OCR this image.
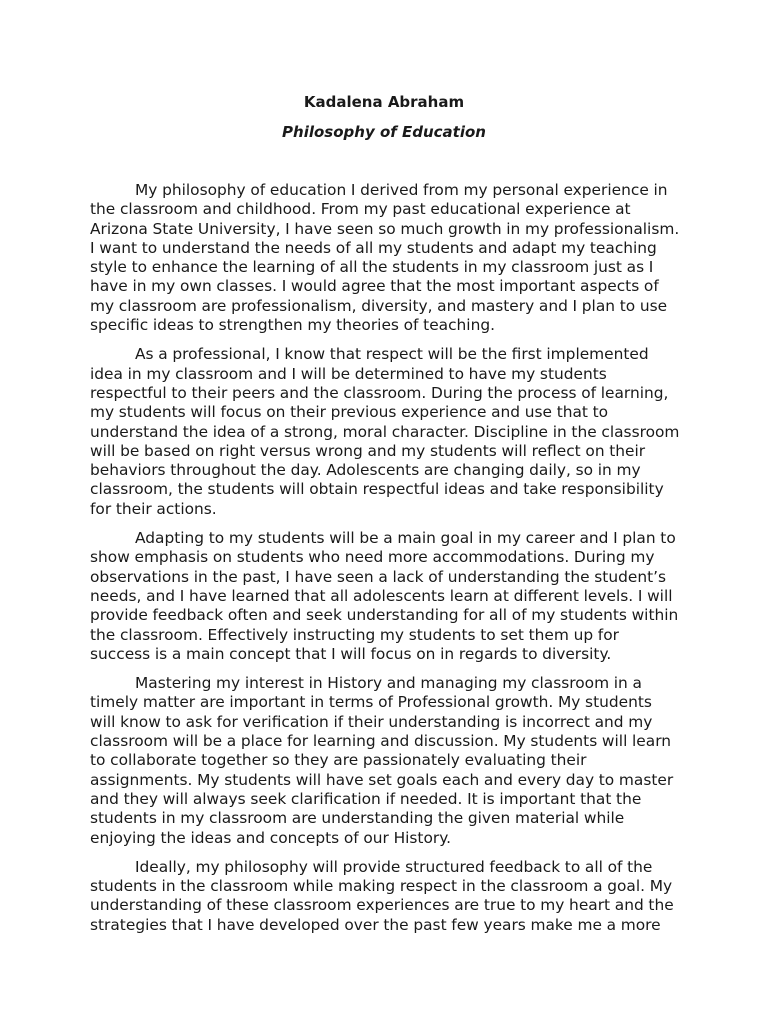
Kadalena Abraham
Philosophy of Education

My philosophy of education I derived from my personal experience in the classroom and childhood. From my past educational experience at Arizona State University, I have seen so much growth in my professionalism. I want to understand the needs of all my students and adapt my teaching style to enhance the learning of all the students in my classroom just as I have in my own classes. I would agree that the most important aspects of my classroom are professionalism, diversity, and mastery and I plan to use specific ideas to strengthen my theories of teaching.

As a professional, I know that respect will be the first implemented idea in my classroom and I will be determined to have my students respectful to their peers and the classroom. During the process of learning, my students will focus on their previous experience and use that to understand the idea of a strong, moral character. Discipline in the classroom will be based on right versus wrong and my students will reflect on their behaviors throughout the day. Adolescents are changing daily, so in my classroom, the students will obtain respectful ideas and take responsibility for their actions.

Adapting to my students will be a main goal in my career and I plan to show emphasis on students who need more accommodations. During my observations in the past, I have seen a lack of understanding the student’s needs, and I have learned that all adolescents learn at different levels. I will provide feedback often and seek understanding for all of my students within the classroom. Effectively instructing my students to set them up for success is a main concept that I will focus on in regards to diversity.

Mastering my interest in History and managing my classroom in a timely matter are important in terms of Professional growth. My students will know to ask for verification if their understanding is incorrect and my classroom will be a place for learning and discussion. My students will learn to collaborate together so they are passionately evaluating their assignments. My students will have set goals each and every day to master and they will always seek clarification if needed. It is important that the students in my classroom are understanding the given material while enjoying the ideas and concepts of our History.

Ideally, my philosophy will provide structured feedback to all of the students in the classroom while making respect in the classroom a goal. My understanding of these classroom experiences are true to my heart and the strategies that I have developed over the past few years make me a more
